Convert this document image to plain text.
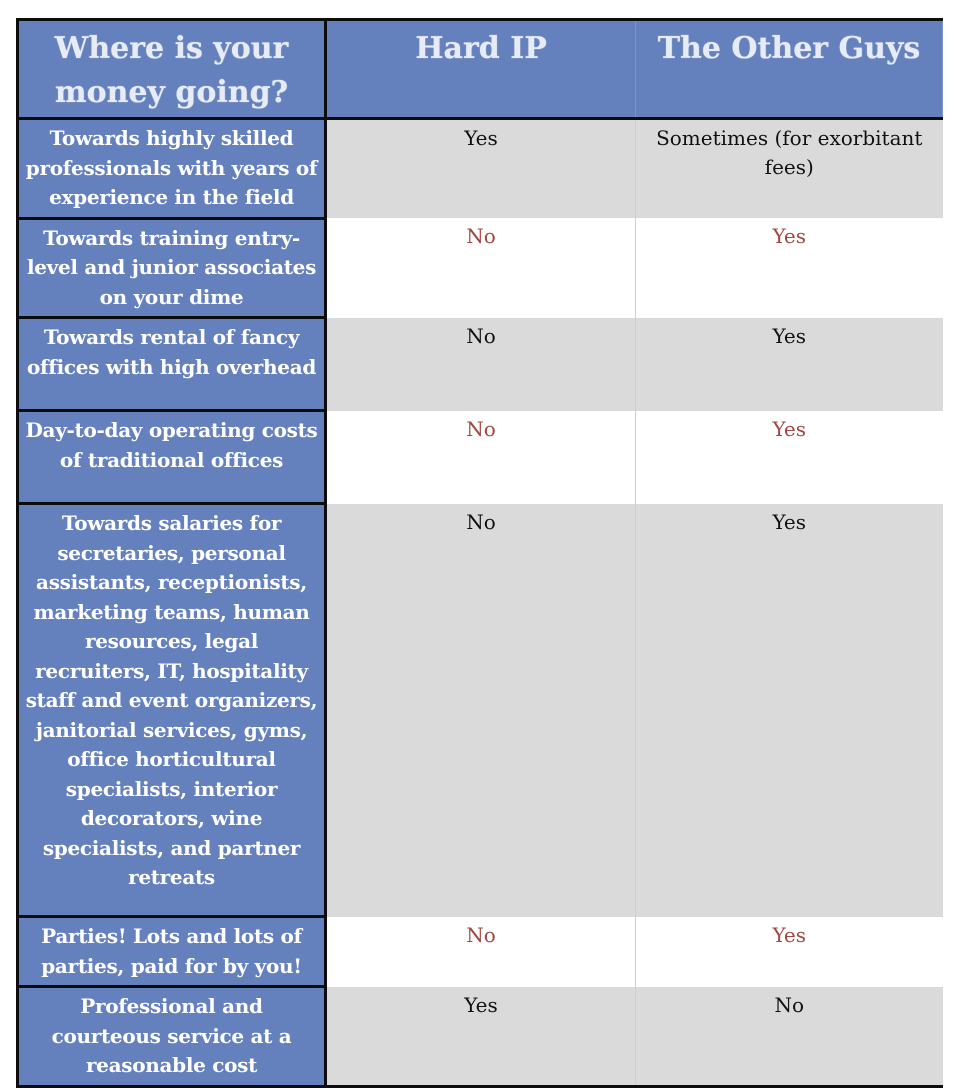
Where is your money going?	Hard IP	The Other Guys
Towards highly skilled professionals with years of experience in the field	Yes	Sometimes (for exorbitant fees)
Towards training entry-level and junior associates on your dime	No	Yes
Towards rental of fancy offices with high overhead	No	Yes
Day-to-day operating costs of traditional offices	No	Yes
Towards salaries for secretaries, personal assistants, receptionists, marketing teams, human resources, legal recruiters, IT, hospitality staff and event organizers, janitorial services, gyms, office horticultural specialists, interior decorators, wine specialists, and partner retreats	No	Yes
Parties! Lots and lots of parties, paid for by you!	No	Yes
Professional and courteous service at a reasonable cost	Yes	No
